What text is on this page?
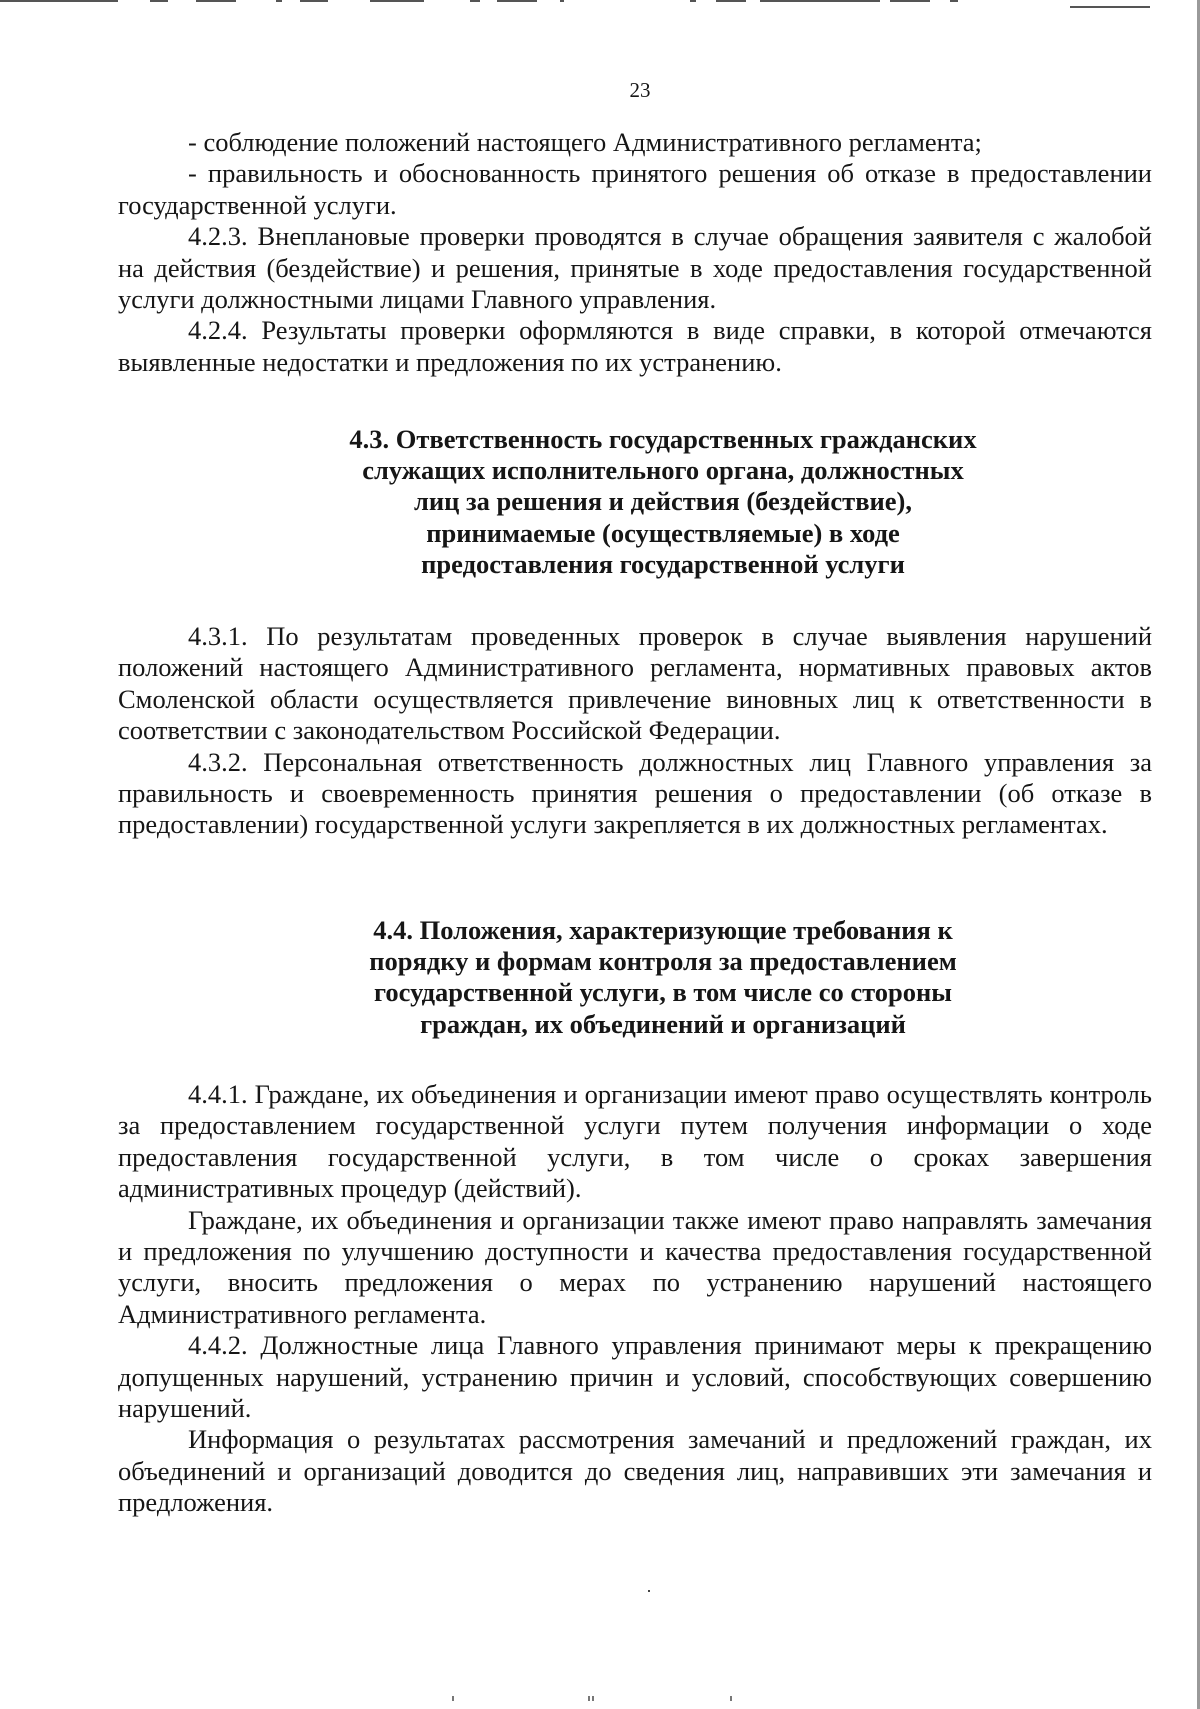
23

- соблюдение положений настоящего Административного регламента;

- правильность и обоснованность принятого решения об отказе в предоставлении государственной услуги.

4.2.3. Внеплановые проверки проводятся в случае обращения заявителя с жалобой на действия (бездействие) и решения, принятые в ходе предоставления государственной услуги должностными лицами Главного управления.

4.2.4. Результаты проверки оформляются в виде справки, в которой отмечаются выявленные недостатки и предложения по их устранению.

4.3. Ответственность государственных гражданских
служащих исполнительного органа, должностных
лиц за решения и действия (бездействие),
принимаемые (осуществляемые) в ходе
предоставления государственной услуги

4.3.1. По результатам проведенных проверок в случае выявления нарушений положений настоящего Административного регламента, нормативных правовых актов Смоленской области осуществляется привлечение виновных лиц к ответственности в соответствии с законодательством Российской Федерации.

4.3.2. Персональная ответственность должностных лиц Главного управления за правильность и своевременность принятия решения о предоставлении (об отказе в предоставлении) государственной услуги закрепляется в их должностных регламентах.

4.4. Положения, характеризующие требования к
порядку и формам контроля за предоставлением
государственной услуги, в том числе со стороны
граждан, их объединений и организаций

4.4.1. Граждане, их объединения и организации имеют право осуществлять контроль за предоставлением государственной услуги путем получения информации о ходе предоставления государственной услуги, в том числе о сроках завершения административных процедур (действий).

Граждане, их объединения и организации также имеют право направлять замечания и предложения по улучшению доступности и качества предоставления государственной услуги, вносить предложения о мерах по устранению нарушений настоящего Административного регламента.

4.4.2. Должностные лица Главного управления принимают меры к прекращению допущенных нарушений, устранению причин и условий, способствующих совершению нарушений.

Информация о результатах рассмотрения замечаний и предложений граждан, их объединений и организаций доводится до сведения лиц, направивших эти замечания и предложения.
